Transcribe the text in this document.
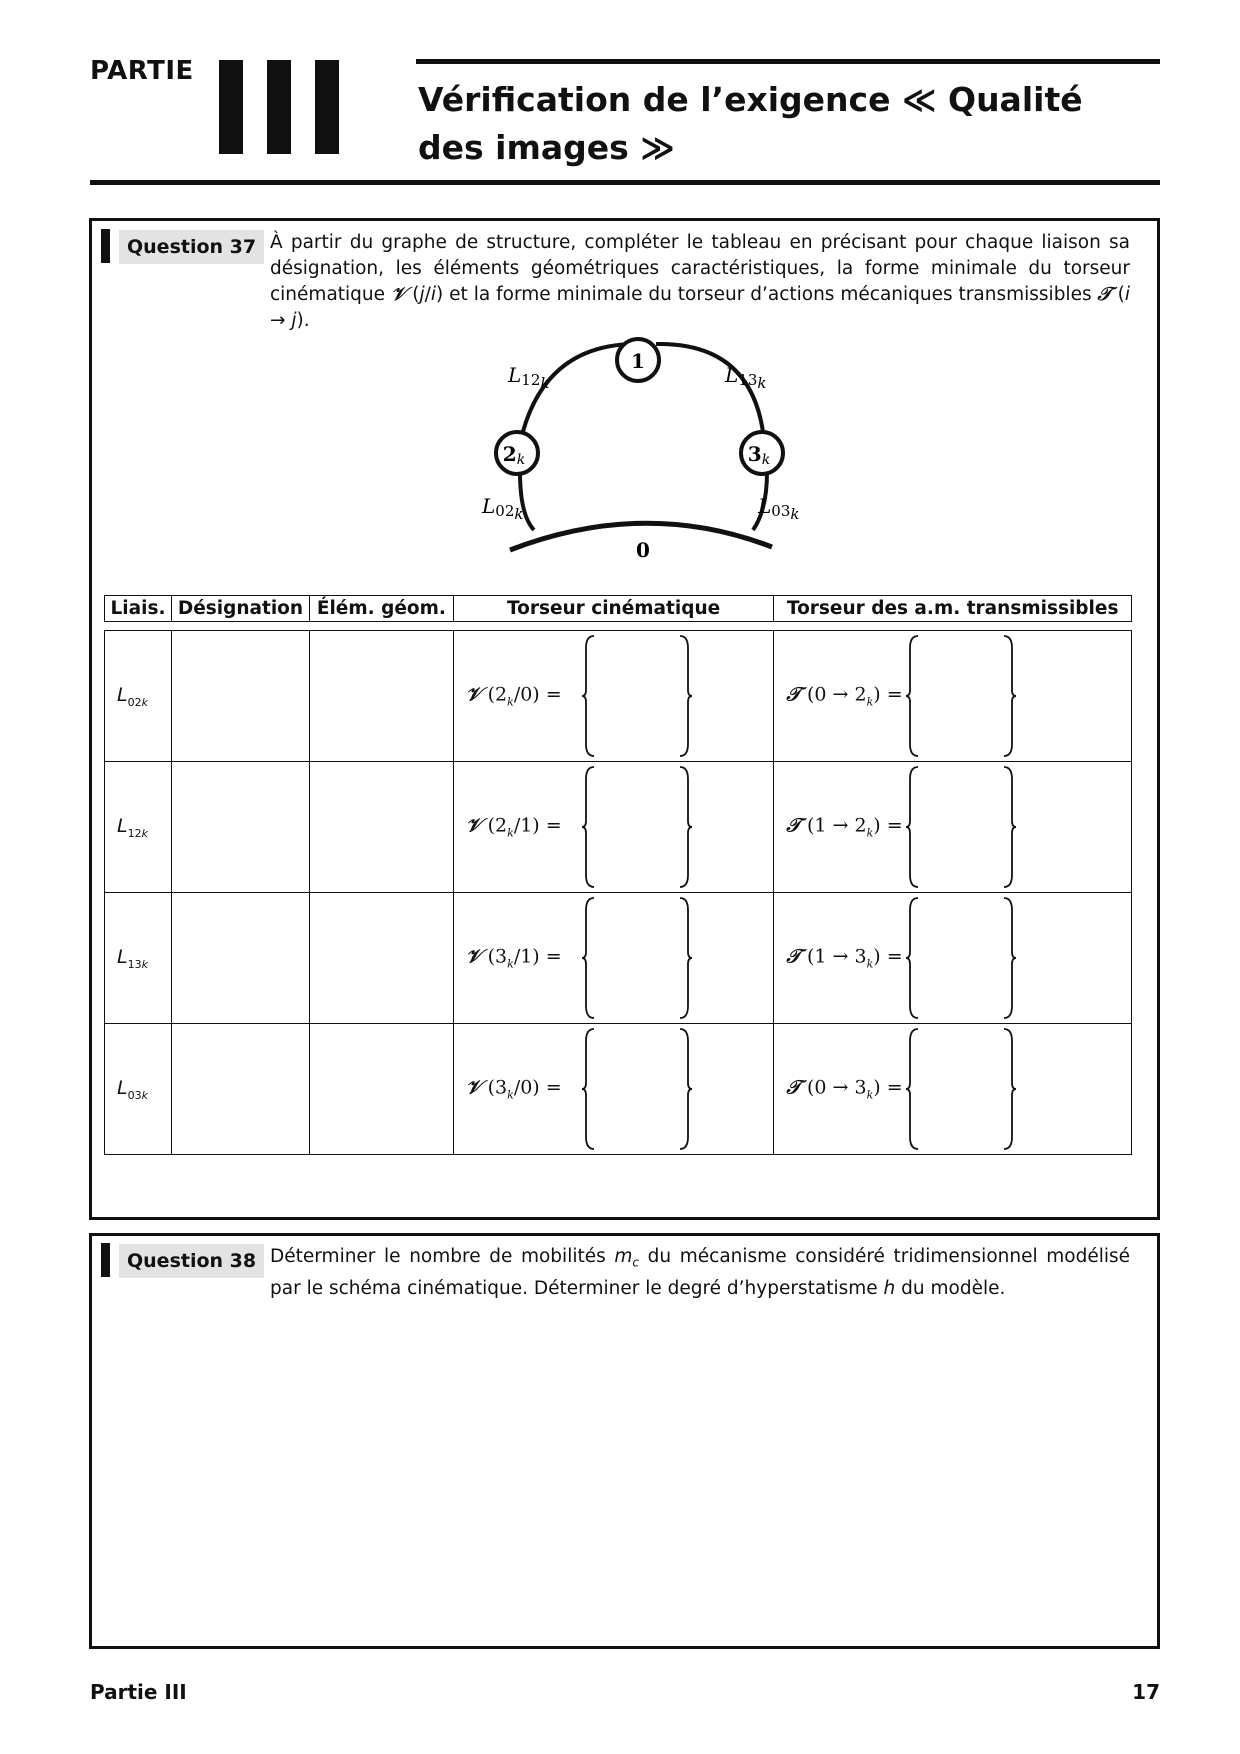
PARTIE
Vérification de l’exigence ≪ Qualité des images ≫
Question 37 À partir du graphe de structure, compléter le tableau en précisant pour chaque liaison sa désignation, les éléments géométriques caractéristiques, la forme minimale du torseur cinématique 𝒱 (j/i) et la forme minimale du torseur d’actions mécaniques transmissibles 𝒯 (i → j).
1
2k	3k
0
L12k	L13k
L02k	L03k
Liais.	Désignation	Élém. géom.	Torseur cinématique	Torseur des a.m. transmissibles

$L_{02k}$			𝒱 $(2_k/0)$ =	𝒯 $(0 \to 2_k)$ =

$L_{12k}$			𝒱 $(2_k/1)$ =	𝒯 $(1 \to 2_k)$ =

$L_{13k}$			𝒱 $(3_k/1)$ =	𝒯 $(1 \to 3_k)$ =

$L_{03k}$			𝒱 $(3_k/0)$ =	𝒯 $(0 \to 3_k)$ =
Question 38 Déterminer le nombre de mobilités $m_c$ du mécanisme considéré tridimensionnel modélisé par le schéma cinématique. Déterminer le degré d’hyperstatisme h du modèle.
Partie III	17
